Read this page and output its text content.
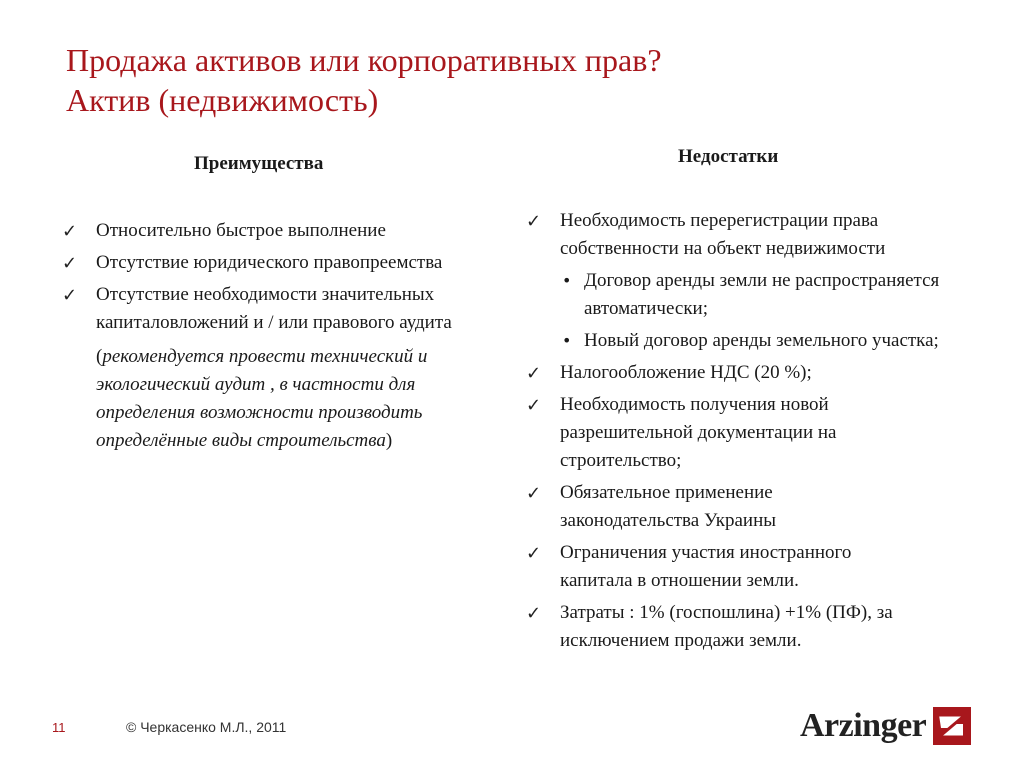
Продажа активов или корпоративных прав?
Актив (недвижимость)
Преимущества
✓ Относительно быстрое выполнение
✓ Отсутствие юридического правопреемства
✓ Отсутствие необходимости значительных капиталовложений и / или правового аудита
(рекомендуется провести технический и экологический аудит , в частности для определения возможности производить определённые виды строительства)
Недостатки
✓ Необходимость перерегистрации права собственности на объект недвижимости
• Договор аренды земли не распространяется автоматически;
• Новый договор аренды земельного участка;
✓ Налогообложение НДС (20 %);
✓ Необходимость получения новой разрешительной документации на строительство;
✓ Обязательное применение законодательства Украины
✓ Ограничения участия иностранного капитала в отношении земли.
✓ Затраты : 1% (госпошлина) +1% (ПФ), за исключением продажи земли.
11	© Черкасенко М.Л., 2011	Arzinger
